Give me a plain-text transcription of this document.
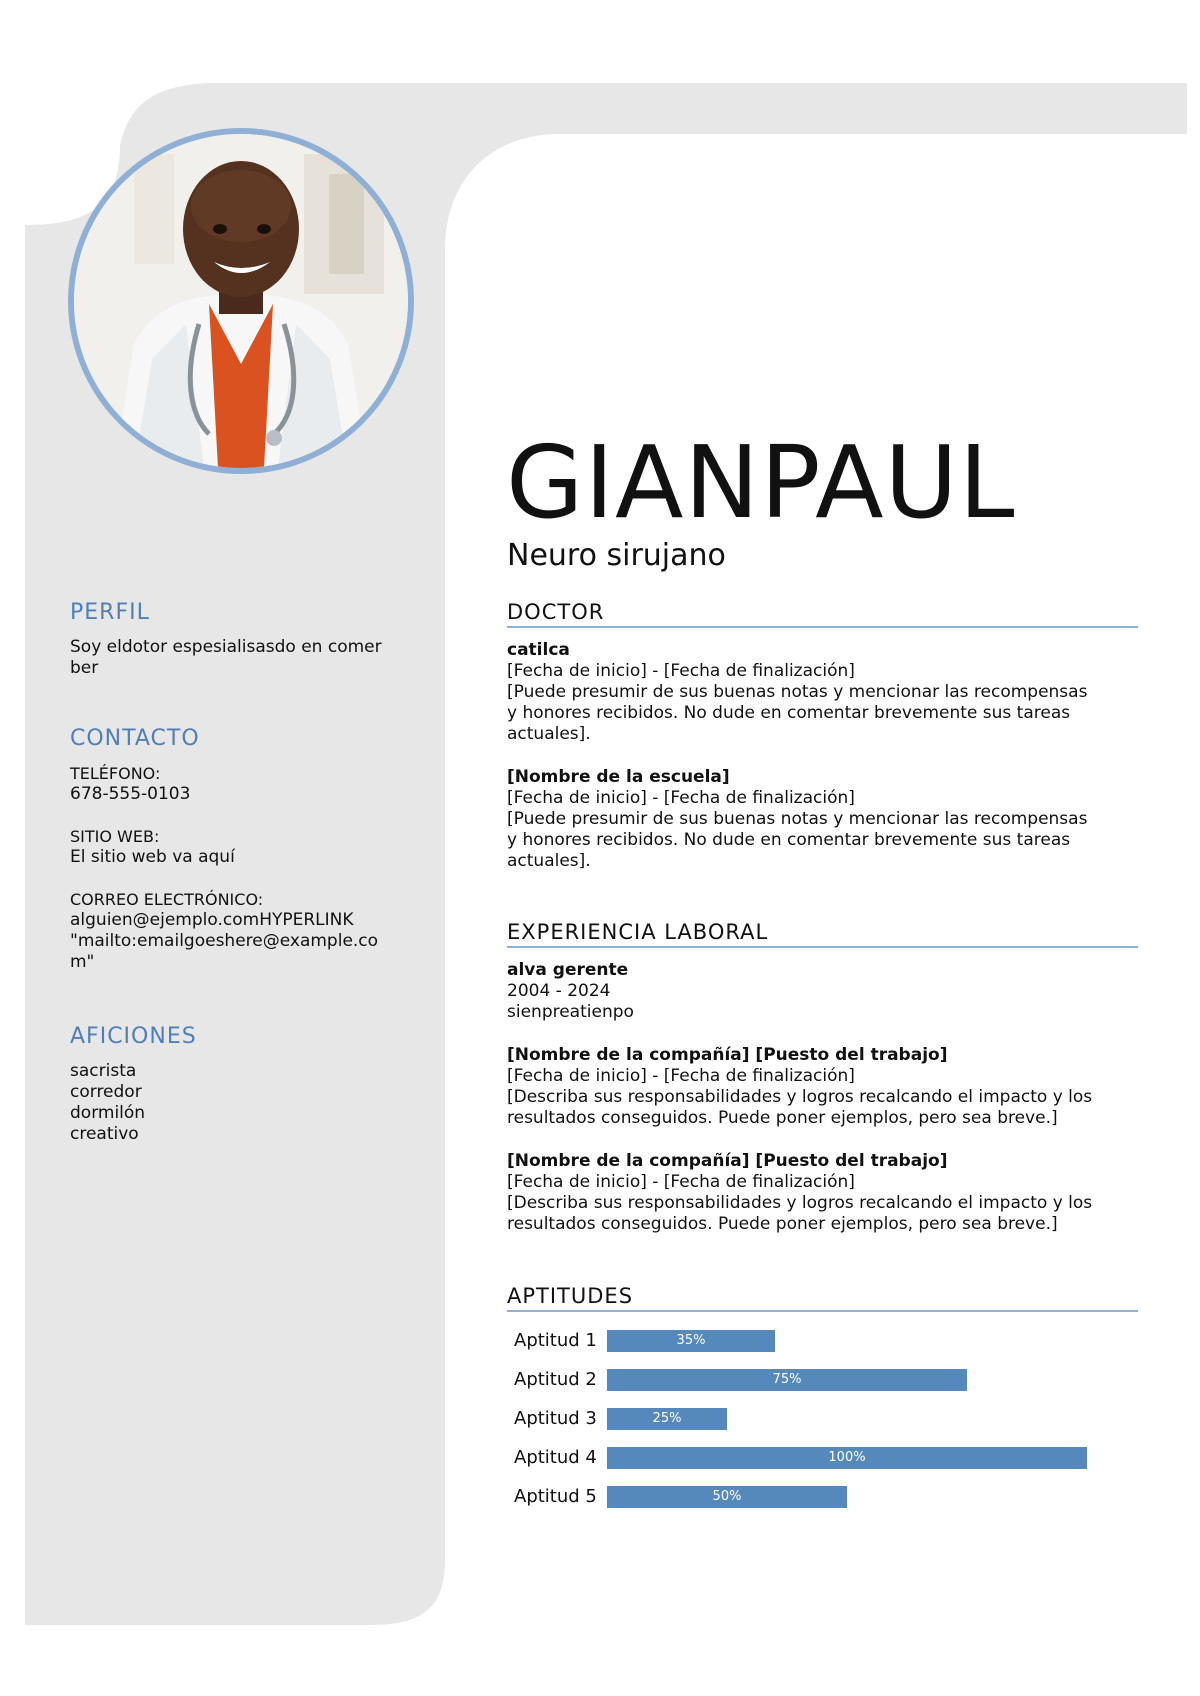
PERFIL

Soy eldotor espesialisasdo en comer
ber

CONTACTO

TELÉFONO:

678-555-0103

SITIO WEB:

El sitio web va aquí

CORREO ELECTRÓNICO:

alguien@ejemplo.comHYPERLINK

"mailto:emailgoeshere@example.co

m"

AFICIONES

sacrista

corredor

dormilón

creativo

GIANPAUL
Neuro sirujano
DOCTOR

catilca

[Fecha de inicio] - [Fecha de finalización]

[Puede presumir de sus buenas notas y mencionar las recompensas

y honores recibidos. No dude en comentar brevemente sus tareas

actuales].

[Nombre de la escuela]

[Fecha de inicio] - [Fecha de finalización]

[Puede presumir de sus buenas notas y mencionar las recompensas

y honores recibidos. No dude en comentar brevemente sus tareas

actuales].

EXPERIENCIA LABORAL

alva gerente

2004 - 2024

sienpreatienpo

[Nombre de la compañía] [Puesto del trabajo]

[Fecha de inicio] - [Fecha de finalización]

[Describa sus responsabilidades y logros recalcando el impacto y los

resultados conseguidos. Puede poner ejemplos, pero sea breve.]

[Nombre de la compañía] [Puesto del trabajo]

[Fecha de inicio] - [Fecha de finalización]

[Describa sus responsabilidades y logros recalcando el impacto y los

resultados conseguidos. Puede poner ejemplos, pero sea breve.]

APTITUDES
Aptitud 1	35%
Aptitud 2	75%
Aptitud 3	25%
Aptitud 4	100%
Aptitud 5	50%
